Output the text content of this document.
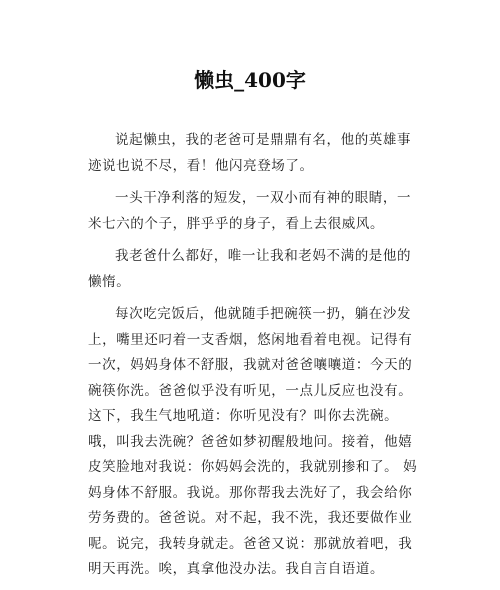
懒虫_400字

说起懒虫，我的老爸可是鼎鼎有名，他的英雄事迹说也说不尽，看！他闪亮登场了。

一头干净利落的短发，一双小而有神的眼睛，一米七六的个子，胖乎乎的身子，看上去很威风。

我老爸什么都好，唯一让我和老妈不满的是他的懒惰。

每次吃完饭后，他就随手把碗筷一扔，躺在沙发上，嘴里还叼着一支香烟，悠闲地看着电视。记得有一次，妈妈身体不舒服，我就对爸爸嚷嚷道：今天的碗筷你洗。爸爸似乎没有听见，一点儿反应也没有。这下，我生气地吼道：你听见没有？叫你去洗碗。哦，叫我去洗碗？爸爸如梦初醒般地问。接着，他嬉皮笑脸地对我说：你妈妈会洗的，我就别掺和了。 妈妈身体不舒服。我说。那你帮我去洗好了，我会给你劳务费的。爸爸说。对不起，我不洗，我还要做作业呢。说完，我转身就走。爸爸又说：那就放着吧，我明天再洗。唉，真拿他没办法。我自言自语道。
